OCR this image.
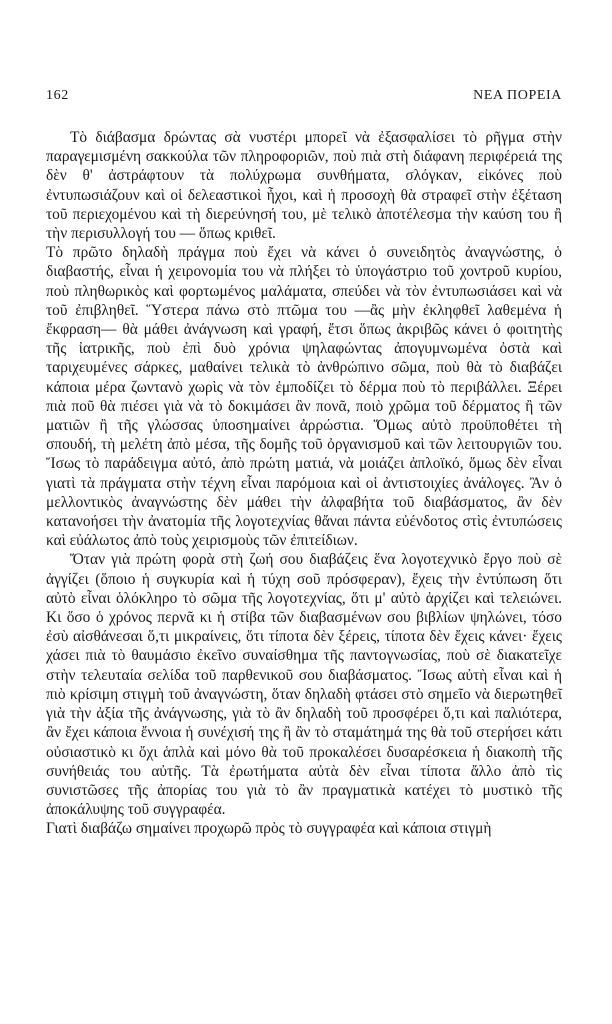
162	ΝΕΑ ΠΟΡΕΙΑ

Τὸ διάβασμα δρώντας σὰ νυστέρι μπορεῖ νὰ ἐξασφαλίσει τὸ ρῆγμα στὴν παραγεμισμένη σακκούλα τῶν πληροφοριῶν, ποὺ πιὰ στὴ διάφανη περιφέρειά της δὲν θ' ἀστράφτουν τὰ πολύχρωμα συνθήματα, σλόγκαν, εἰκόνες ποὺ ἐντυπωσιάζουν καὶ οἱ δελεαστικοὶ ἦχοι, καὶ ἡ προσοχὴ θὰ στραφεῖ στὴν ἐξέταση τοῦ περιεχομένου καὶ τὴ διερεύνησή του, μὲ τελικὸ ἀποτέλεσμα τὴν καύση του ἢ τὴν περισυλλογή του — ὅπως κριθεῖ.

Τὸ πρῶτο δηλαδὴ πράγμα ποὺ ἔχει νὰ κάνει ὁ συνειδητὸς ἀναγνώστης, ὁ διαβαστής, εἶναι ἡ χειρονομία του νὰ πλήξει τὸ ὑπογάστριο τοῦ χοντροῦ κυρίου, ποὺ πληθωρικὸς καὶ φορτωμένος μαλάματα, σπεύδει νὰ τὸν ἐντυπωσιάσει καὶ νὰ τοῦ ἐπιβληθεῖ. Ὕστερα πάνω στὸ πτῶμα του —ἂς μὴν ἐκληφθεῖ λαθεμένα ἡ ἔκφραση— θὰ μάθει ἀνάγνωση καὶ γραφή, ἔτσι ὅπως ἀκριβῶς κάνει ὁ φοιτητὴς τῆς ἰατρικῆς, ποὺ ἐπὶ δυὸ χρόνια ψηλαφώντας ἀπογυμνωμένα ὀστὰ καὶ ταριχευμένες σάρκες, μαθαίνει τελικὰ τὸ ἀνθρώπινο σῶμα, ποὺ θὰ τὸ διαβάζει κάποια μέρα ζωντανὸ χωρὶς νὰ τὸν ἐμποδίζει τὸ δέρμα ποὺ τὸ περιβάλλει. Ξέρει πιὰ ποῦ θὰ πιέσει γιὰ νὰ τὸ δοκιμάσει ἂν πονᾶ, ποιὸ χρῶμα τοῦ δέρματος ἢ τῶν ματιῶν ἢ τῆς γλώσσας ὑποσημαίνει ἀρρώστια. Ὅμως αὐτὸ προϋποθέτει τὴ σπουδή, τὴ μελέτη ἀπὸ μέσα, τῆς δομῆς τοῦ ὀργανισμοῦ καὶ τῶν λειτουργιῶν του. Ἴσως τὸ παράδειγμα αὐτό, ἀπὸ πρώτη ματιά, νὰ μοιάζει ἀπλοϊκό, ὅμως δὲν εἶναι γιατὶ τὰ πράγματα στὴν τέχνη εἶναι παρόμοια καὶ οἱ ἀντιστοιχίες ἀνάλογες. Ἂν ὁ μελλοντικὸς ἀναγνώστης δὲν μάθει τὴν ἀλφαβήτα τοῦ διαβάσματος, ἂν δὲν κατανοήσει τὴν ἀνατομία τῆς λογοτεχνίας θἄναι πάντα εὐένδοτος στὶς ἐντυπώσεις καὶ εὐάλωτος ἀπὸ τοὺς χειρισμοὺς τῶν ἐπιτείδιων.

Ὅταν γιὰ πρώτη φορὰ στὴ ζωή σου διαβάζεις ἕνα λογοτεχνικὸ ἔργο ποὺ σὲ ἀγγίζει (ὅποιο ἡ συγκυρία καὶ ἡ τύχη σοῦ πρόσφεραν), ἔχεις τὴν ἐντύπωση ὅτι αὐτὸ εἶναι ὁλόκληρο τὸ σῶμα τῆς λογοτεχνίας, ὅτι μ' αὐτὸ ἀρχίζει καὶ τελειώνει. Κι ὅσο ὁ χρόνος περνᾶ κι ἡ στίβα τῶν διαβασμένων σου βιβλίων ψηλώνει, τόσο ἐσὺ αἰσθάνεσαι ὅ,τι μικραίνεις, ὅτι τίποτα δὲν ξέρεις, τίποτα δὲν ἔχεις κάνει· ἔχεις χάσει πιὰ τὸ θαυμάσιο ἐκεῖνο συναίσθημα τῆς παντογνωσίας, ποὺ σὲ διακατεῖχε στὴν τελευταία σελίδα τοῦ παρθενικοῦ σου διαβάσματος. Ἴσως αὐτὴ εἶναι καὶ ἡ πιὸ κρίσιμη στιγμὴ τοῦ ἀναγνώστη, ὅταν δηλαδὴ φτάσει στὸ σημεῖο νὰ διερωτηθεῖ γιὰ τὴν ἀξία τῆς ἀνάγνωσης, γιὰ τὸ ἂν δηλαδὴ τοῦ προσφέρει ὅ,τι καὶ παλιότερα, ἂν ἔχει κάποια ἔννοια ἡ συνέχισή της ἢ ἂν τὸ σταμάτημά της θὰ τοῦ στερήσει κάτι οὐσιαστικὸ κι ὄχι ἁπλὰ καὶ μόνο θὰ τοῦ προκαλέσει δυσαρέσκεια ἡ διακοπὴ τῆς συνήθειάς του αὐτῆς. Τὰ ἐρωτήματα αὐτὰ δὲν εἶναι τίποτα ἄλλο ἀπὸ τὶς συνιστῶσες τῆς ἀπορίας του γιὰ τὸ ἂν πραγματικὰ κατέχει τὸ μυστικὸ τῆς ἀποκάλυψης τοῦ συγγραφέα.

Γιατὶ διαβάζω σημαίνει προχωρῶ πρὸς τὸ συγγραφέα καὶ κάποια στιγμὴ
